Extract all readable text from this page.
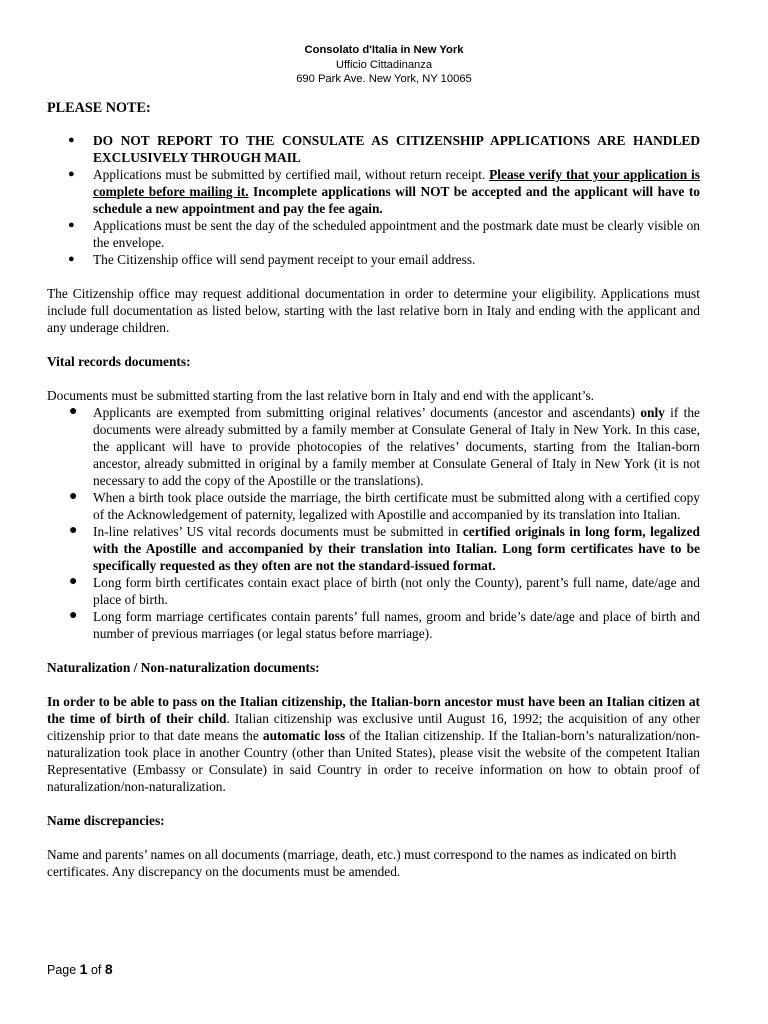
Consolato d'Italia in New York
Ufficio Cittadinanza
690 Park Ave. New York, NY 10065
PLEASE NOTE:
● DO NOT REPORT TO THE CONSULATE AS CITIZENSHIP APPLICATIONS ARE HANDLED EXCLUSIVELY THROUGH MAIL
● Applications must be submitted by certified mail, without return receipt. Please verify that your application is complete before mailing it. Incomplete applications will NOT be accepted and the applicant will have to schedule a new appointment and pay the fee again.
● Applications must be sent the day of the scheduled appointment and the postmark date must be clearly visible on the envelope.
● The Citizenship office will send payment receipt to your email address.

The Citizenship office may request additional documentation in order to determine your eligibility. Applications must include full documentation as listed below, starting with the last relative born in Italy and ending with the applicant and any underage children.

Vital records documents:

Documents must be submitted starting from the last relative born in Italy and end with the applicant’s.

● Applicants are exempted from submitting original relatives’ documents (ancestor and ascendants) only if the documents were already submitted by a family member at Consulate General of Italy in New York. In this case, the applicant will have to provide photocopies of the relatives’ documents, starting from the Italian-born ancestor, already submitted in original by a family member at Consulate General of Italy in New York (it is not necessary to add the copy of the Apostille or the translations).
● When a birth took place outside the marriage, the birth certificate must be submitted along with a certified copy of the Acknowledgement of paternity, legalized with Apostille and accompanied by its translation into Italian.
● In-line relatives’ US vital records documents must be submitted in certified originals in long form, legalized with the Apostille and accompanied by their translation into Italian. Long form certificates have to be specifically requested as they often are not the standard-issued format.
● Long form birth certificates contain exact place of birth (not only the County), parent’s full name, date/age and place of birth.
● Long form marriage certificates contain parents’ full names, groom and bride’s date/age and place of birth and number of previous marriages (or legal status before marriage).
Naturalization / Non-naturalization documents:

In order to be able to pass on the Italian citizenship, the Italian-born ancestor must have been an Italian citizen at the time of birth of their child. Italian citizenship was exclusive until August 16, 1992; the acquisition of any other citizenship prior to that date means the automatic loss of the Italian citizenship. If the Italian-born’s naturalization/non-naturalization took place in another Country (other than United States), please visit the website of the competent Italian Representative (Embassy or Consulate) in said Country in order to receive information on how to obtain proof of naturalization/non-naturalization.

Name discrepancies:

Name and parents’ names on all documents (marriage, death, etc.) must correspond to the names as indicated on birth certificates. Any discrepancy on the documents must be amended.

Page 1 of 8
